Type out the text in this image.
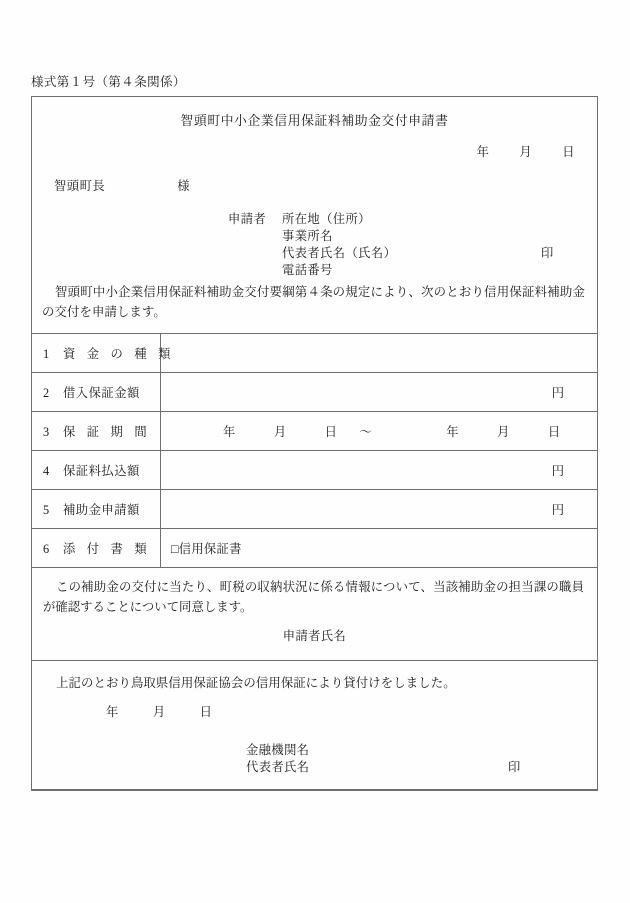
様式第１号（第４条関係）
智頭町中小企業信用保証料補助金交付申請書
年 月 日
智頭町長	様
申請者	所在地（住所）
事業所名
代表者氏名（氏名）
電話番号
印
智頭町中小企業信用保証料補助金交付要綱第４条の規定により、次のとおり信用保証料補助金の交付を申請します。
1 資 金 の 種 類	
2 借入保証金額	円

3 保 証 期 間	年 月 日 ～ 年 月 日

4 保証料払込額	円

5 補助金申請額	円

6 添 付 書 類	□信用保証書
この補助金の交付に当たり、町税の収納状況に係る情報について、当該補助金の担当課の職員が確認することについて同意します。
申請者氏名
上記のとおり鳥取県信用保証協会の信用保証により貸付けをしました。
年	月	日
金融機関名
代表者氏名	印
